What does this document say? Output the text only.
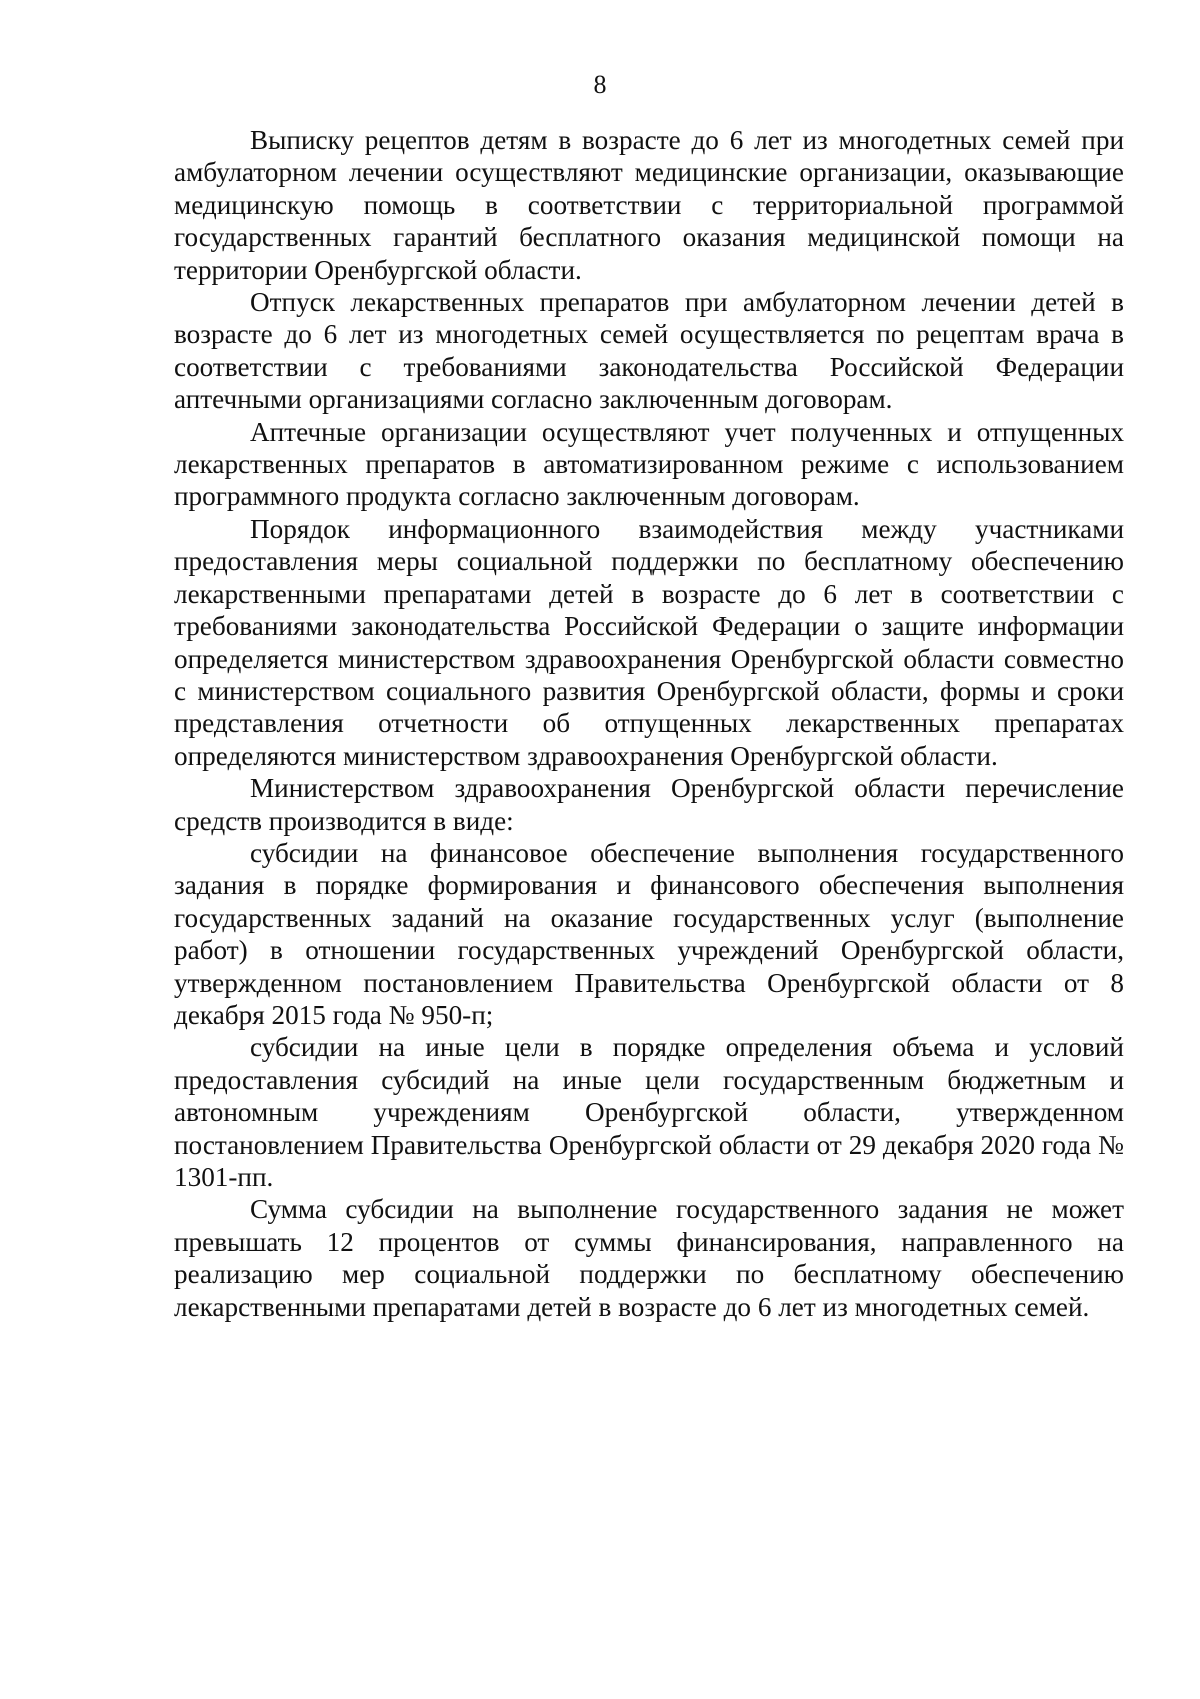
8

Выписку рецептов детям в возрасте до 6 лет из многодетных семей при амбулаторном лечении осуществляют медицинские организации, оказывающие медицинскую помощь в соответствии с территориальной программой государственных гарантий бесплатного оказания медицинской помощи на территории Оренбургской области.

Отпуск лекарственных препаратов при амбулаторном лечении детей в возрасте до 6 лет из многодетных семей осуществляется по рецептам врача в соответствии с требованиями законодательства Российской Федерации аптечными организациями согласно заключенным договорам.

Аптечные организации осуществляют учет полученных и отпущенных лекарственных препаратов в автоматизированном режиме с использованием программного продукта согласно заключенным договорам.

Порядок информационного взаимодействия между участниками предоставления меры социальной поддержки по бесплатному обеспечению лекарственными препаратами детей в возрасте до 6 лет в соответствии с требованиями законодательства Российской Федерации о защите информации определяется министерством здравоохранения Оренбургской области совместно с министерством социального развития Оренбургской области, формы и сроки представления отчетности об отпущенных лекарственных препаратах определяются министерством здравоохранения Оренбургской области.

Министерством здравоохранения Оренбургской области перечисление средств производится в виде:

субсидии на финансовое обеспечение выполнения государственного задания в порядке формирования и финансового обеспечения выполнения государственных заданий на оказание государственных услуг (выполнение работ) в отношении государственных учреждений Оренбургской области, утвержденном постановлением Правительства Оренбургской области от 8 декабря 2015 года № 950-п;

субсидии на иные цели в порядке определения объема и условий предоставления субсидий на иные цели государственным бюджетным и автономным учреждениям Оренбургской области, утвержденном постановлением Правительства Оренбургской области от 29 декабря 2020 года № 1301-пп.

Сумма субсидии на выполнение государственного задания не может превышать 12 процентов от суммы финансирования, направленного на реализацию мер социальной поддержки по бесплатному обеспечению лекарственными препаратами детей в возрасте до 6 лет из многодетных семей.
